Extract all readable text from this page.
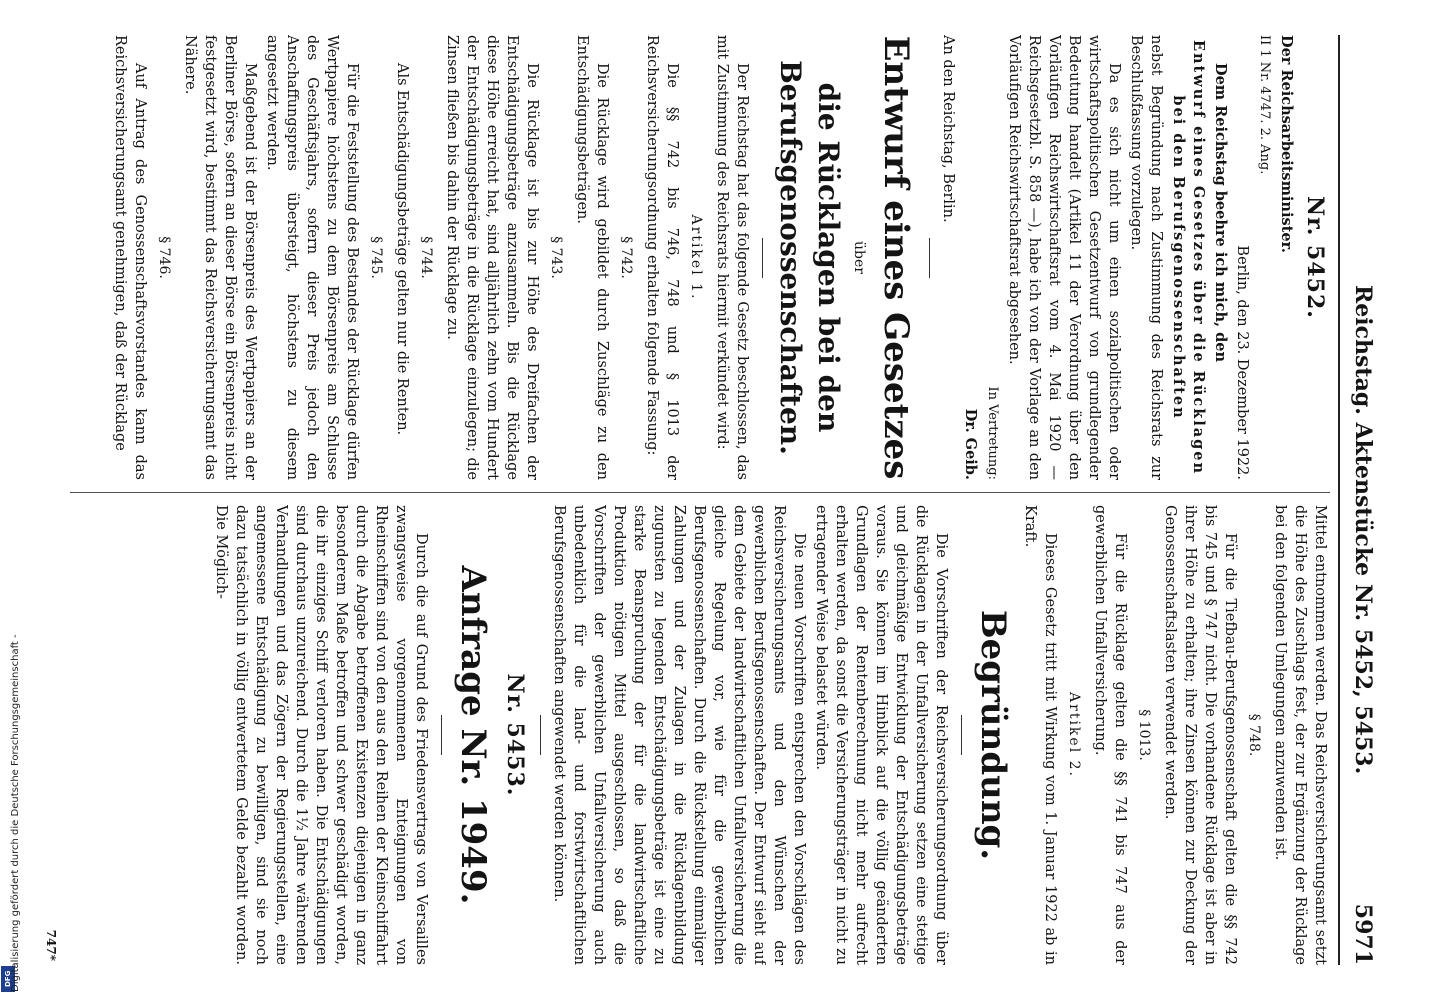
DFG
Digitalisierung gefördert durch die Deutsche Forschungsgemeinschaft -
Reichstag. Aktenstücke Nr. 5452, 5453.
5971

Nr. 5452.

Der Reichsarbeitsminister.

II 1 Nr. 4747. 2. Ang.

Berlin, den 23. Dezember 1922.

Dem Reichstag beehre ich mich, den

Entwurf eines Gesetzes über die Rücklagen bei den Berufsgenossenschaften

nebst Begründung nach Zustimmung des Reichsrats zur Beschlußfassung vorzulegen.

Da es sich nicht um einen sozialpolitischen oder wirtschaftspolitischen Gesetzentwurf von grundlegender Bedeutung handelt (Artikel 11 der Verordnung über den Vorläufigen Reichswirtschaftsrat vom 4. Mai 1920 — Reichsgesetzbl. S. 858 —), habe ich von der Vorlage an den Vorläufigen Reichswirtschaftsrat abgesehen.

In Vertretung:

Dr. Geib.

An den Reichstag, Berlin.

Entwurf eines Gesetzes

über

die Rücklagen bei den Berufsgenossenschaften.

Der Reichstag hat das folgende Gesetz beschlossen, das mit Zustimmung des Reichsrats hiermit verkündet wird:

Artikel 1.

Die §§ 742 bis 746, 748 und § 1013 der Reichsversicherungsordnung erhalten folgende Fassung:

§ 742.

Die Rücklage wird gebildet durch Zuschläge zu den Entschädigungsbeträgen.

§ 743.

Die Rücklage ist bis zur Höhe des Dreifachen der Entschädigungsbeträge anzusammeln. Bis die Rücklage diese Höhe erreicht hat, sind alljährlich zehn vom Hundert der Entschädigungsbeträge in die Rücklage einzulegen; die Zinsen fließen bis dahin der Rücklage zu.

§ 744.

Als Entschädigungsbeträge gelten nur die Renten.

§ 745.

Für die Feststellung des Bestandes der Rücklage dürfen Wertpapiere höchstens zu dem Börsenpreis am Schlusse des Geschäftsjahrs, sofern dieser Preis jedoch den Anschaffungspreis übersteigt, höchstens zu diesem angesetzt werden.

Maßgebend ist der Börsenpreis des Wertpapiers an der Berliner Börse, sofern an dieser Börse ein Börsenpreis nicht festgesetzt wird, bestimmt das Reichsversicherungsamt das Nähere.

§ 746.

Auf Antrag des Genossenschaftsvorstandes kann das Reichsversicherungsamt genehmigen, daß der Rücklage

Mittel entnommen werden. Das Reichsversicherungsamt setzt die Höhe des Zuschlags fest, der zur Ergänzung der Rücklage bei den folgenden Umlegungen anzuwenden ist.

§ 748.

Für die Tiefbau-Berufsgenossenschaft gelten die §§ 742 bis 745 und § 747 nicht. Die vorhandene Rücklage ist aber in ihrer Höhe zu erhalten; ihre Zinsen können zur Deckung der Genossenschaftslasten verwendet werden.

§ 1013.

Für die Rücklage gelten die §§ 741 bis 747 aus der gewerblichen Unfallversicherung.

Artikel 2.

Dieses Gesetz tritt mit Wirkung vom 1. Januar 1922 ab in Kraft.

Begründung.

Die Vorschriften der Reichsversicherungsordnung über die Rücklagen in der Unfallversicherung setzen eine stetige und gleichmäßige Entwicklung der Entschädigungsbeträge voraus. Sie können im Hinblick auf die völlig geänderten Grundlagen der Rentenberechnung nicht mehr aufrecht erhalten werden, da sonst die Versicherungsträger in nicht zu ertragender Weise belastet würden.

Die neuen Vorschriften entsprechen den Vorschlägen des Reichsversicherungsamts und den Wünschen der gewerblichen Berufsgenossenschaften. Der Entwurf sieht auf dem Gebiete der landwirtschaftlichen Unfallversicherung die gleiche Regelung vor, wie für die gewerblichen Berufsgenossenschaften. Durch die Rückstellung einmaliger Zahlungen und der Zulagen in die Rücklagenbildung zugunsten zu legenden Entschädigungsbeträge ist eine zu starke Beanspruchung der für die landwirtschaftliche Produktion nötigen Mittel ausgeschlossen, so daß die Vorschriften der gewerblichen Unfallversicherung auch unbedenklich für die land- und forstwirtschaftlichen Berufsgenossenschaften angewendet werden können.

Nr. 5453.

Anfrage Nr. 1949.

Durch die auf Grund des Friedensvertrags von Versailles zwangsweise vorgenommenen Enteignungen von Rheinschiffen sind von den aus den Reihen der Kleinschiffahrt durch die Abgabe betroffenen Existenzen diejenigen in ganz besonderem Maße betroffen und schwer geschädigt worden, die ihr einziges Schiff verloren haben. Die Entschädigungen sind durchaus unzureichend. Durch die 1½ Jahre währenden Verhandlungen und das Zögern der Regierungsstellen, eine angemessene Entschädigung zu bewilligen, sind sie noch dazu tatsächlich in völlig entwertetem Gelde bezahlt worden. Die Möglich-

747*
